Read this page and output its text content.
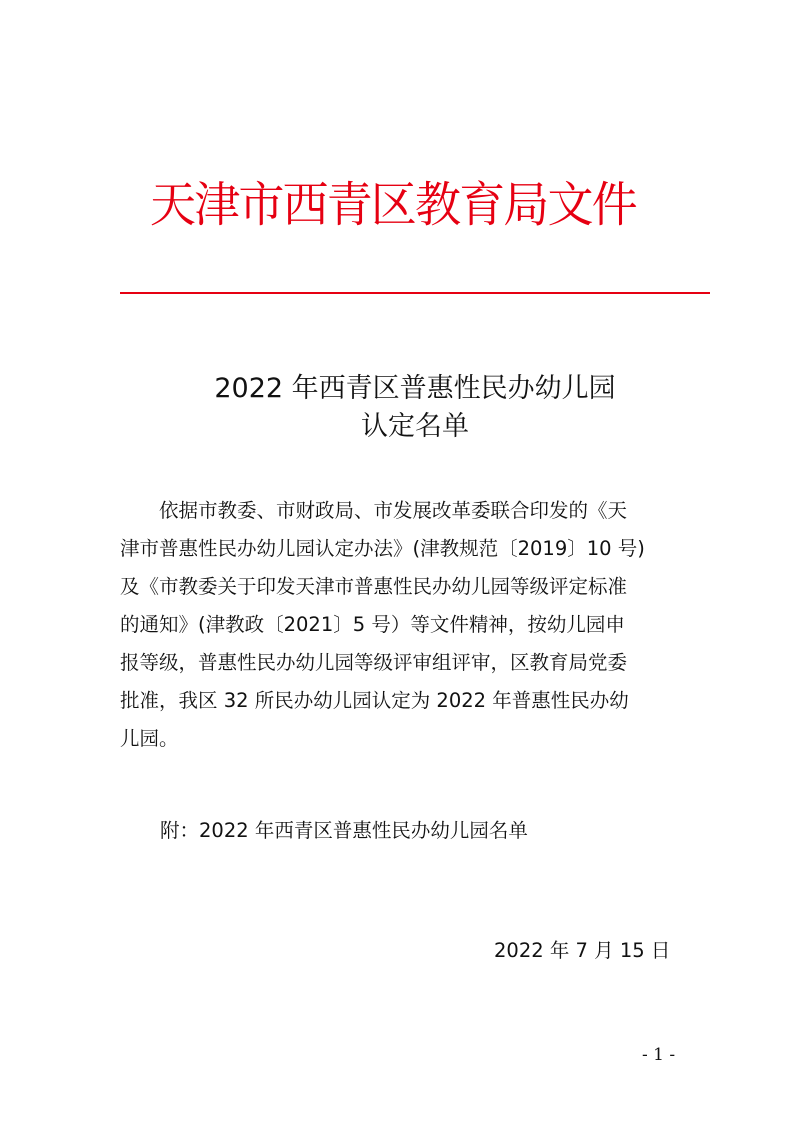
天津市西青区教育局文件
2022 年西青区普惠性民办幼儿园
认定名单
　　依据市教委、市财政局、市发展改革委联合印发的《天
津市普惠性民办幼儿园认定办法》(津教规范〔2019〕10 号)
及《市教委关于印发天津市普惠性民办幼儿园等级评定标准
的通知》(津教政〔2021〕5 号）等文件精神，按幼儿园申
报等级，普惠性民办幼儿园等级评审组评审，区教育局党委
批准，我区 32 所民办幼儿园认定为 2022 年普惠性民办幼
儿园。

附：2022 年西青区普惠性民办幼儿园名单

2022 年 7 月 15 日

- 1 -
